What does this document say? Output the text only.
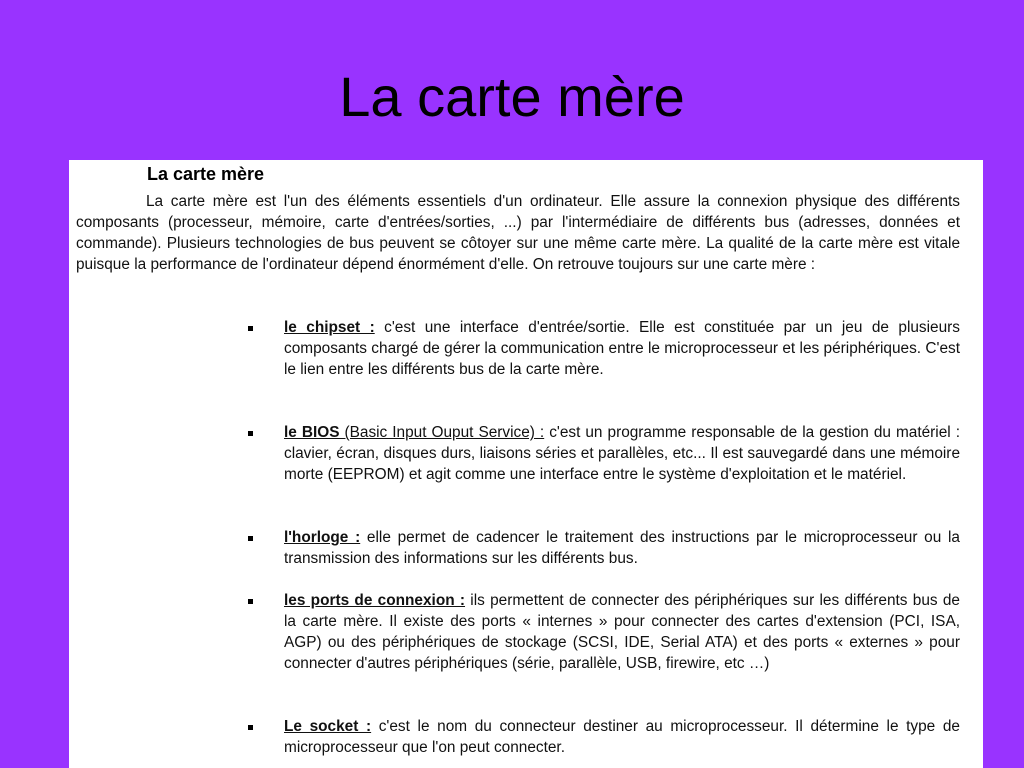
La carte mère
La carte mère

La carte mère est l'un des éléments essentiels d'un ordinateur. Elle assure la connexion physique des différents composants (processeur, mémoire, carte d'entrées/sorties, ...) par l'intermédiaire de différents bus (adresses, données et commande). Plusieurs technologies de bus peuvent se côtoyer sur une même carte mère. La qualité de la carte mère est vitale puisque la performance de l'ordinateur dépend énormément d'elle. On retrouve toujours sur une carte mère :

le chipset : c'est une interface d'entrée/sortie. Elle est constituée par un jeu de plusieurs composants chargé de gérer la communication entre le microprocesseur et les périphériques. C'est le lien entre les différents bus de la carte mère.

le BIOS (Basic Input Ouput Service) : c'est un programme responsable de la gestion du matériel : clavier, écran, disques durs, liaisons séries et parallèles, etc... Il est sauvegardé dans une mémoire morte (EEPROM) et agit comme une interface entre le système d'exploitation et le matériel.

l'horloge : elle permet de cadencer le traitement des instructions par le microprocesseur ou la transmission des informations sur les différents bus.

les ports de connexion : ils permettent de connecter des périphériques sur les différents bus de la carte mère. Il existe des ports « internes » pour connecter des cartes d'extension (PCI, ISA, AGP) ou des périphériques de stockage (SCSI, IDE, Serial ATA) et des ports « externes » pour connecter d'autres périphériques (série, parallèle, USB, firewire, etc …)

Le socket : c'est le nom du connecteur destiner au microprocesseur. Il détermine le type de microprocesseur que l'on peut connecter.
